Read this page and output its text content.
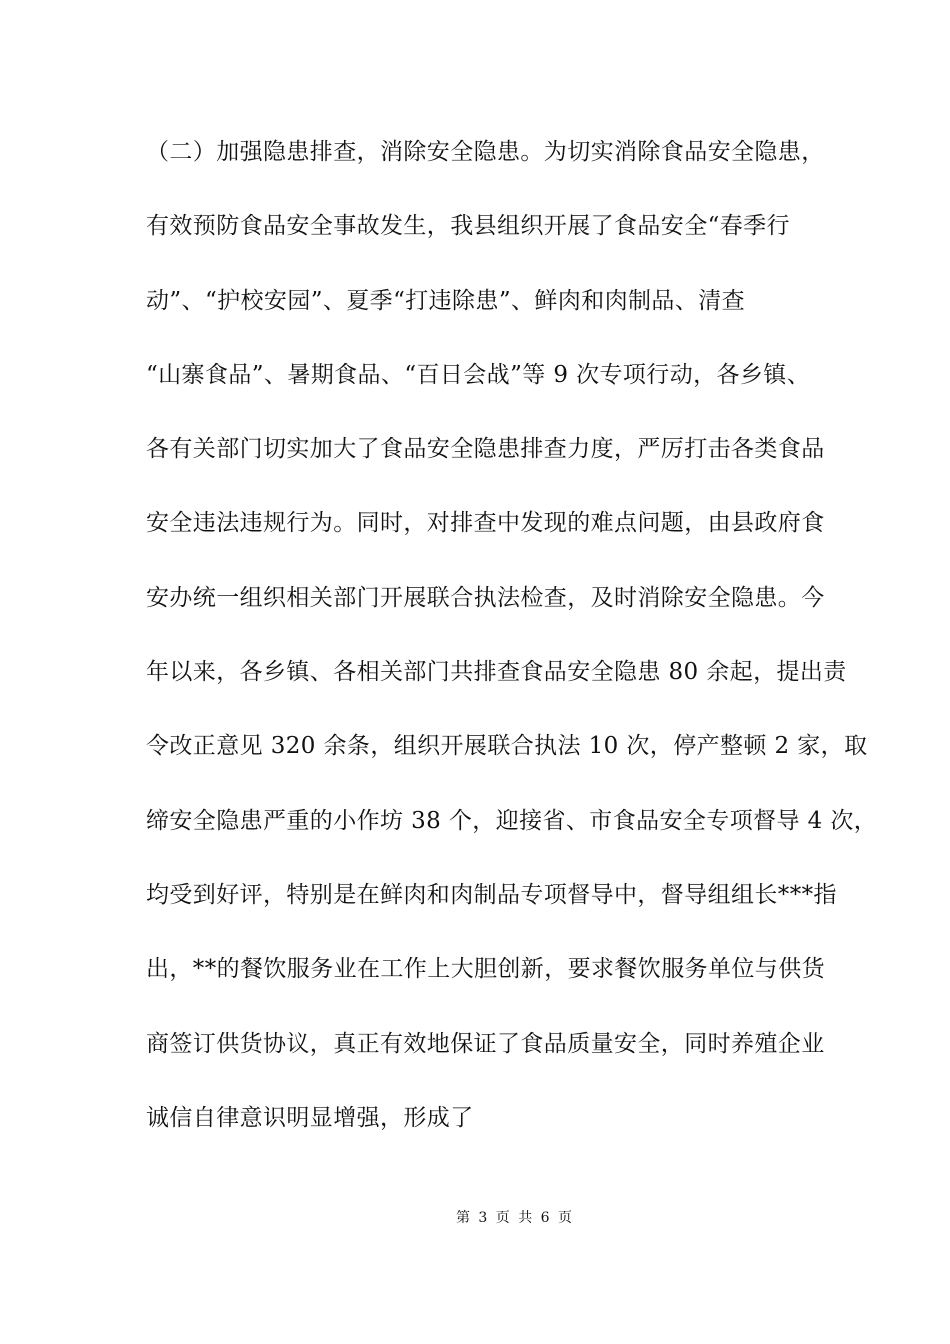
（二）加强隐患排查，消除安全隐患。为切实消除食品安全隐患，
有效预防食品安全事故发生，我县组织开展了食品安全“春季行
动”、“护校安园”、夏季“打违除患”、鲜肉和肉制品、清查
“山寨食品”、暑期食品、“百日会战”等 9 次专项行动，各乡镇、
各有关部门切实加大了食品安全隐患排查力度，严厉打击各类食品
安全违法违规行为。同时，对排查中发现的难点问题，由县政府食
安办统一组织相关部门开展联合执法检查，及时消除安全隐患。今
年以来，各乡镇、各相关部门共排查食品安全隐患 80 余起，提出责
令改正意见 320 余条，组织开展联合执法 10 次，停产整顿 2 家，取
缔安全隐患严重的小作坊 38 个，迎接省、市食品安全专项督导 4 次，
均受到好评，特别是在鲜肉和肉制品专项督导中，督导组组长***指
出，**的餐饮服务业在工作上大胆创新，要求餐饮服务单位与供货
商签订供货协议，真正有效地保证了食品质量安全，同时养殖企业
诚信自律意识明显增强，形成了
第 3 页 共 6 页
